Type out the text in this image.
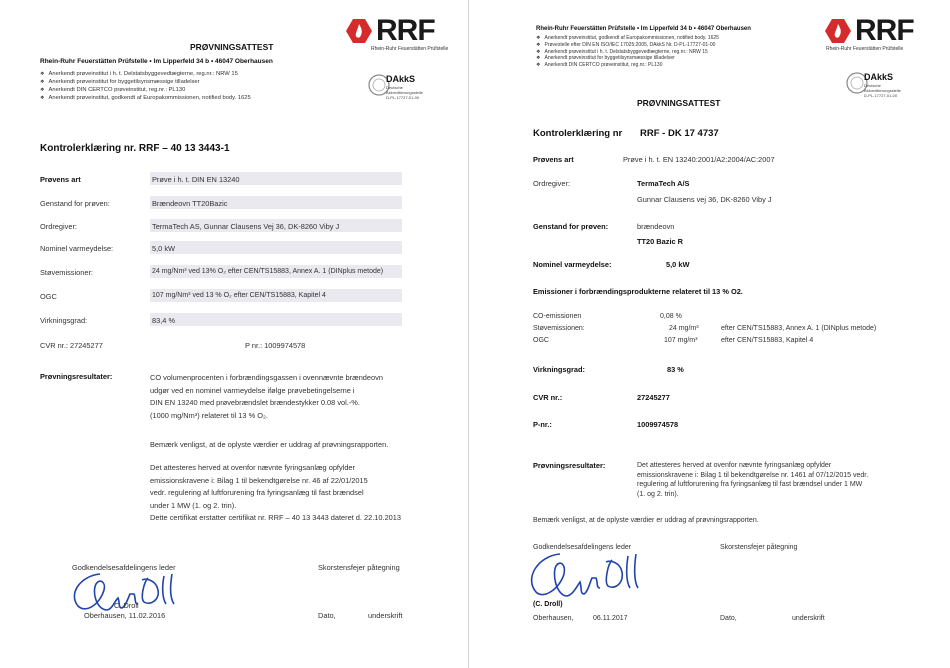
PRØVNINGSATTEST	RRF
Rhein-Ruhr Feuerstätten Prüfstelle
Rhein-Ruhr Feuerstätten Prüfstelle • Im Lipperfeld 34 b • 46047 Oberhausen
❖ Anerkendt prøveinstitut i h. t. Delstatsbyggevedtægterne, reg.nr.: NRW 15
❖ Anerkendt prøveinstitut for byggetilsynsmæssige tilladelser
❖ Anerkendt DIN CERTCO prøveinstitut, reg.nr.: PL130
❖ Anerkendt prøveinstitut, godkendt af Europakommissionen, notified body. 1625
DAkkS
Deutsche Akkreditierungsstelle D-PL-17727-01-00
Kontrolerklæring nr. RRF – 40 13 3443-1
Prøvens art	Prøve i h. t. DIN EN 13240
Genstand for prøven:	Brændeovn TT20Bazic
Ordregiver:	TermaTech AS, Gunnar Clausens Vej 36, DK-8260 Viby J
Nominel varmeydelse:	5,0 kW
Støvemissioner:	24 mg/Nm³ ved 13% O₂ efter CEN/TS15883, Annex A. 1 (DINplus metode)
OGC	107 mg/Nm³ ved 13 % O₂ efter CEN/TS15883, Kapitel 4
Virkningsgrad:	83,4 %
CVR nr.: 27245277	P nr.: 1009974578
Prøvningsresultater:	CO volumenprocenten i forbrændingsgassen i ovennævnte brændeovn
udgør ved en nominel varmeydelse ifølge prøvebetingelserne i
DIN EN 13240 med prøvebrændslet brændestykker 0.08 vol.-%.
(1000 mg/Nm³) relateret til 13 % O₂.
Bemærk venligst, at de oplyste værdier er uddrag af prøvningsrapporten.
Det attesteres herved at ovenfor nævnte fyringsanlæg opfylder
emissionskravene i: Bilag 1 til bekendtgørelse nr. 46 af 22/01/2015
vedr. regulering af luftforurening fra fyringsanlæg til fast brændsel
under 1 MW (1. og 2. trin).
Dette certifikat erstatter certifikat nr. RRF – 40 13 3443 dateret d. 22.10.2013
Godkendelsesafdelingens leder	Skorstensfejer påtegning
C. Droll
Oberhausen, 11.02.2016	Dato,	underskrift
Rhein-Ruhr Feuerstätten Prüfstelle • Im Lipperfeld 34 b • 46047 Oberhausen
❖ Anerkendt prøveinstitut, godkendt af Europakommissionen, notified body. 1625
❖ Prøvestelle efter DIN EN ISO/IEC 17025:2005, DAkkS Nr. D-PL-17727-01-00
❖ Anerkendt prøveinstitut i h. t. Delstatsbyggevedtægterne, reg.nr.: NRW 15
❖ Anerkendt prøveinstitut for byggetilsynsmæssige tilladelser
❖ Anerkendt DIN CERTCO prøveinstitut, reg.nr.: PL130
RRF
Rhein-Ruhr Feuerstätten Prüfstelle
DAkkS
Deutsche Akkreditierungsstelle D-PL-17727-01-00
PRØVNINGSATTEST
Kontrolerklæring nr RRF - DK 17 4737
Prøvens art	Prøve i h. t. EN 13240:2001/A2:2004/AC:2007
Ordregiver:	TermaTech A/S
Gunnar Clausens vej 36, DK-8260 Viby J
Genstand for prøven:	brændeovn
TT20 Bazic R
Nominel varmeydelse:	5,0 kW
Emissioner i forbrændingsprodukterne relateret til 13 % O2.
CO-emissionen	0,08 %
Støvemissionen:	24 mg/m³	efter CEN/TS15883, Annex A. 1 (DINplus metode)
OGC	107 mg/m³	efter CEN/TS15883, Kapitel 4
Virkningsgrad:	83 %
CVR nr.:	27245277
P-nr.:	1009974578
Prøvningsresultater:	Det attesteres herved at ovenfor nævnte fyringsanlæg opfylder
emissionskravene i: Bilag 1 til bekendtgørelse nr. 1461 af 07/12/2015 vedr.
regulering af luftforurening fra fyringsanlæg til fast brændsel under 1 MW
(1. og 2. trin).
Bemærk venligst, at de oplyste værdier er uddrag af prøvningsrapporten.
Godkendelsesafdelingens leder	Skorstensfejer påtegning
(C. Droll)
Oberhausen,	06.11.2017	Dato,	underskrift
